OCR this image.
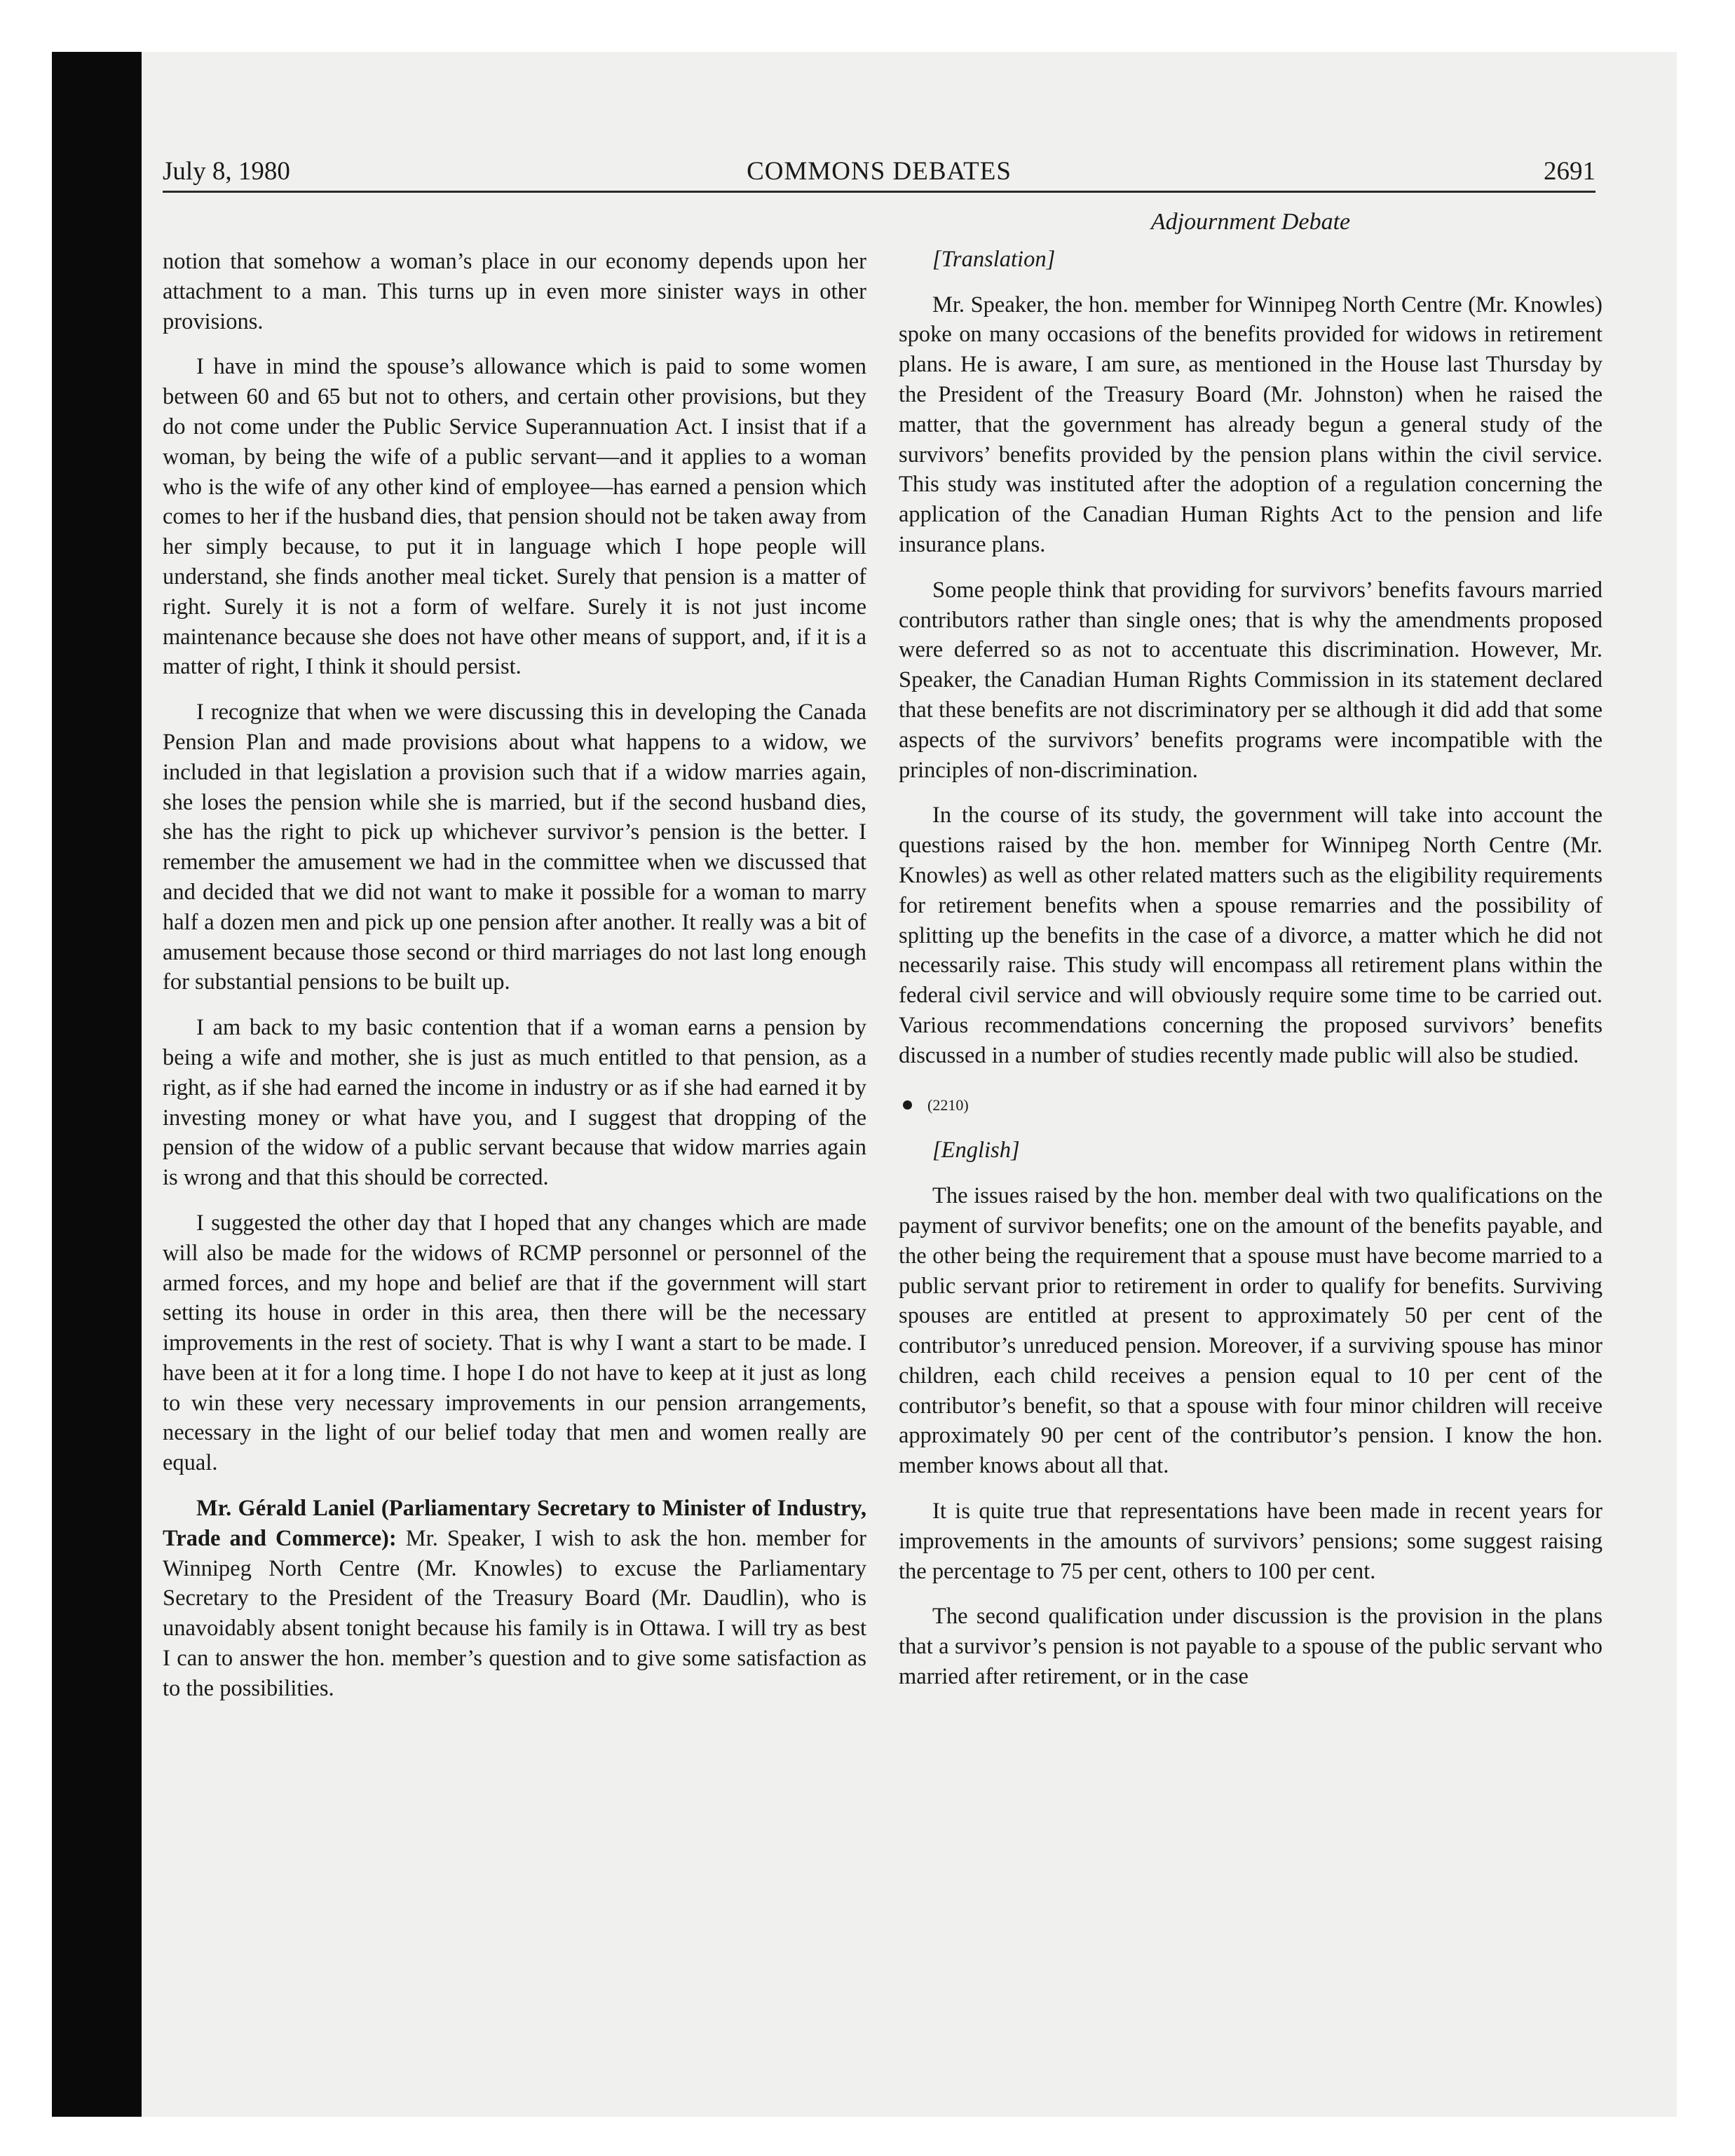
July 8, 1980	COMMONS DEBATES	2691

notion that somehow a woman’s place in our economy depends upon her attachment to a man. This turns up in even more sinister ways in other provisions.

I have in mind the spouse’s allowance which is paid to some women between 60 and 65 but not to others, and certain other provisions, but they do not come under the Public Service Superannuation Act. I insist that if a woman, by being the wife of a public servant—and it applies to a woman who is the wife of any other kind of employee—has earned a pension which comes to her if the husband dies, that pension should not be taken away from her simply because, to put it in language which I hope people will understand, she finds another meal ticket. Surely that pension is a matter of right. Surely it is not a form of welfare. Surely it is not just income maintenance because she does not have other means of support, and, if it is a matter of right, I think it should persist.

I recognize that when we were discussing this in developing the Canada Pension Plan and made provisions about what happens to a widow, we included in that legislation a provision such that if a widow marries again, she loses the pension while she is married, but if the second husband dies, she has the right to pick up whichever survivor’s pension is the better. I remember the amusement we had in the committee when we discussed that and decided that we did not want to make it possible for a woman to marry half a dozen men and pick up one pension after another. It really was a bit of amusement because those second or third marriages do not last long enough for substantial pensions to be built up.

I am back to my basic contention that if a woman earns a pension by being a wife and mother, she is just as much entitled to that pension, as a right, as if she had earned the income in industry or as if she had earned it by investing money or what have you, and I suggest that dropping of the pension of the widow of a public servant because that widow marries again is wrong and that this should be corrected.

I suggested the other day that I hoped that any changes which are made will also be made for the widows of RCMP personnel or personnel of the armed forces, and my hope and belief are that if the government will start setting its house in order in this area, then there will be the necessary improvements in the rest of society. That is why I want a start to be made. I have been at it for a long time. I hope I do not have to keep at it just as long to win these very necessary improvements in our pension arrangements, necessary in the light of our belief today that men and women really are equal.

Mr. Gérald Laniel (Parliamentary Secretary to Minister of Industry, Trade and Commerce): Mr. Speaker, I wish to ask the hon. member for Winnipeg North Centre (Mr. Knowles) to excuse the Parliamentary Secretary to the President of the Treasury Board (Mr. Daudlin), who is unavoidably absent tonight because his family is in Ottawa. I will try as best I can to answer the hon. member’s question and to give some satisfaction as to the possibilities.

Adjournment Debate

[Translation]

Mr. Speaker, the hon. member for Winnipeg North Centre (Mr. Knowles) spoke on many occasions of the benefits provided for widows in retirement plans. He is aware, I am sure, as mentioned in the House last Thursday by the President of the Treasury Board (Mr. Johnston) when he raised the matter, that the government has already begun a general study of the survivors’ benefits provided by the pension plans within the civil service. This study was instituted after the adoption of a regulation concerning the application of the Canadian Human Rights Act to the pension and life insurance plans.

Some people think that providing for survivors’ benefits favours married contributors rather than single ones; that is why the amendments proposed were deferred so as not to accentuate this discrimination. However, Mr. Speaker, the Canadian Human Rights Commission in its statement declared that these benefits are not discriminatory per se although it did add that some aspects of the survivors’ benefits programs were incompatible with the principles of non-discrimination.

In the course of its study, the government will take into account the questions raised by the hon. member for Winnipeg North Centre (Mr. Knowles) as well as other related matters such as the eligibility requirements for retirement benefits when a spouse remarries and the possibility of splitting up the benefits in the case of a divorce, a matter which he did not necessarily raise. This study will encompass all retirement plans within the federal civil service and will obviously require some time to be carried out. Various recommendations concerning the proposed survivors’ benefits discussed in a number of studies recently made public will also be studied.

(2210)

[English]

The issues raised by the hon. member deal with two qualifications on the payment of survivor benefits; one on the amount of the benefits payable, and the other being the requirement that a spouse must have become married to a public servant prior to retirement in order to qualify for benefits. Surviving spouses are entitled at present to approximately 50 per cent of the contributor’s unreduced pension. Moreover, if a surviving spouse has minor children, each child receives a pension equal to 10 per cent of the contributor’s benefit, so that a spouse with four minor children will receive approximately 90 per cent of the contributor’s pension. I know the hon. member knows about all that.

It is quite true that representations have been made in recent years for improvements in the amounts of survivors’ pensions; some suggest raising the percentage to 75 per cent, others to 100 per cent.

The second qualification under discussion is the provision in the plans that a survivor’s pension is not payable to a spouse of the public servant who married after retirement, or in the case
